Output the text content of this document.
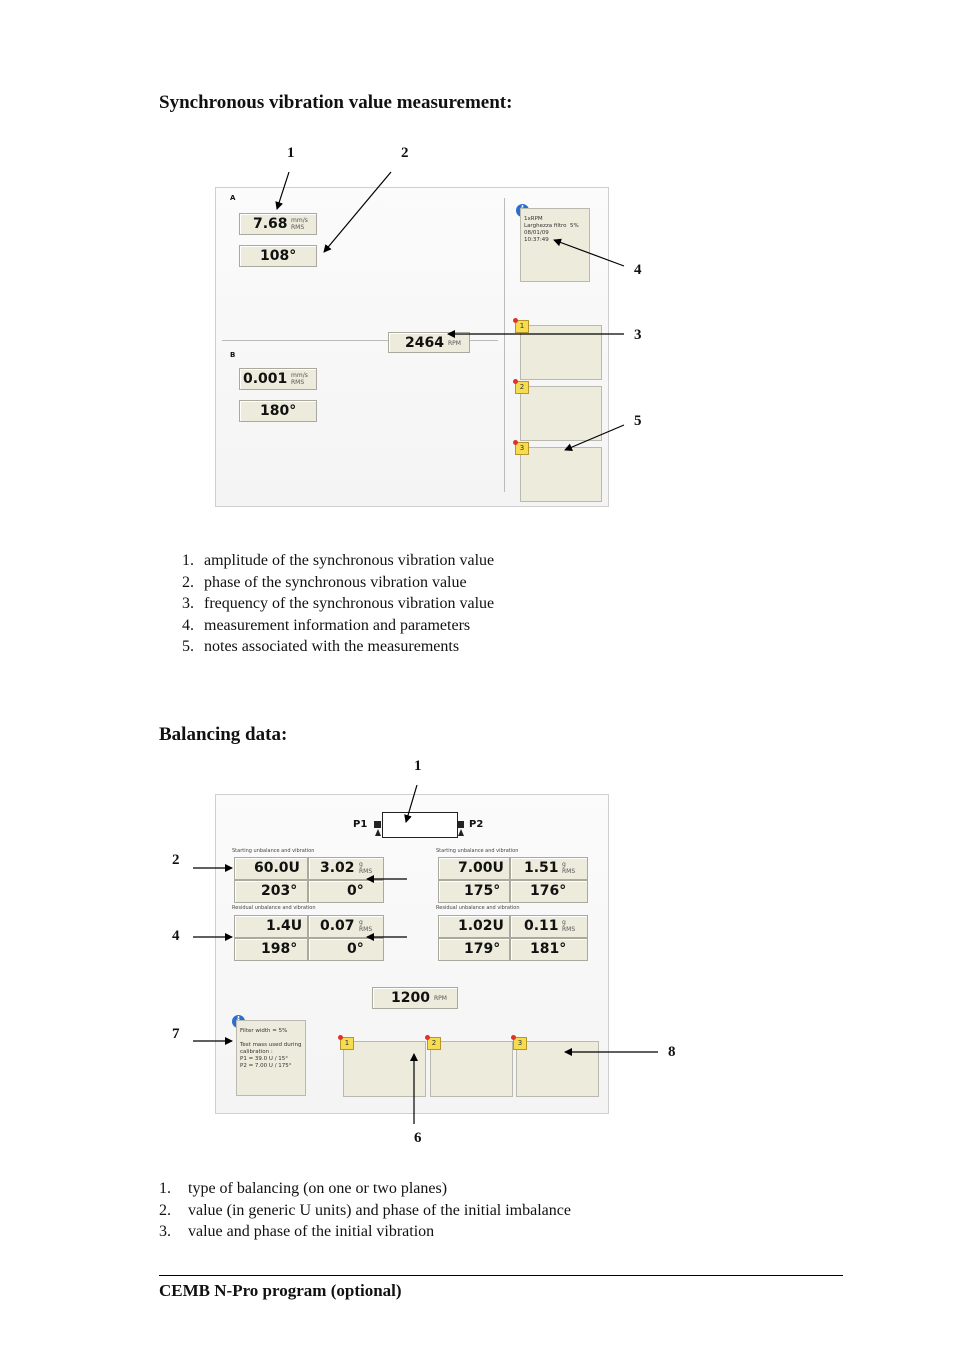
Synchronous vibration value measurement:
1	2
4
3
5
A
7.68 mm/s
RMS
108°
2464 RPM
B
0.001 mm/s
RMS
180°
1xRPM
Larghezza filtro  5%
08/01/09
10:37:49
1
2
3
1. amplitude of the synchronous vibration value
2. phase of the synchronous vibration value
3. frequency of the synchronous vibration value
4. measurement information and parameters
5. notes associated with the measurements
Balancing data:
1
2
4
6
7
8
P1	P2
Starting unbalance and vibration
60.0U 3.02 g
RMS
203°	0°
Residual unbalance and vibration
1.4U 0.07 g
RMS
198°	0°
Starting unbalance and vibration
7.00U 1.51 g
RMS
175° 176°
Residual unbalance and vibration
1.02U 0.11 g
RMS
179° 181°
1200 RPM
Filter width = 5%

Test mass used during
calibration :
P1 = 39.0 U / 15°
P2 = 7.00 U / 175°
1	2	3
1. type of balancing (on one or two planes)
2. value (in generic U units) and phase of the initial imbalance
3. value and phase of the initial vibration
CEMB N-Pro program (optional)
